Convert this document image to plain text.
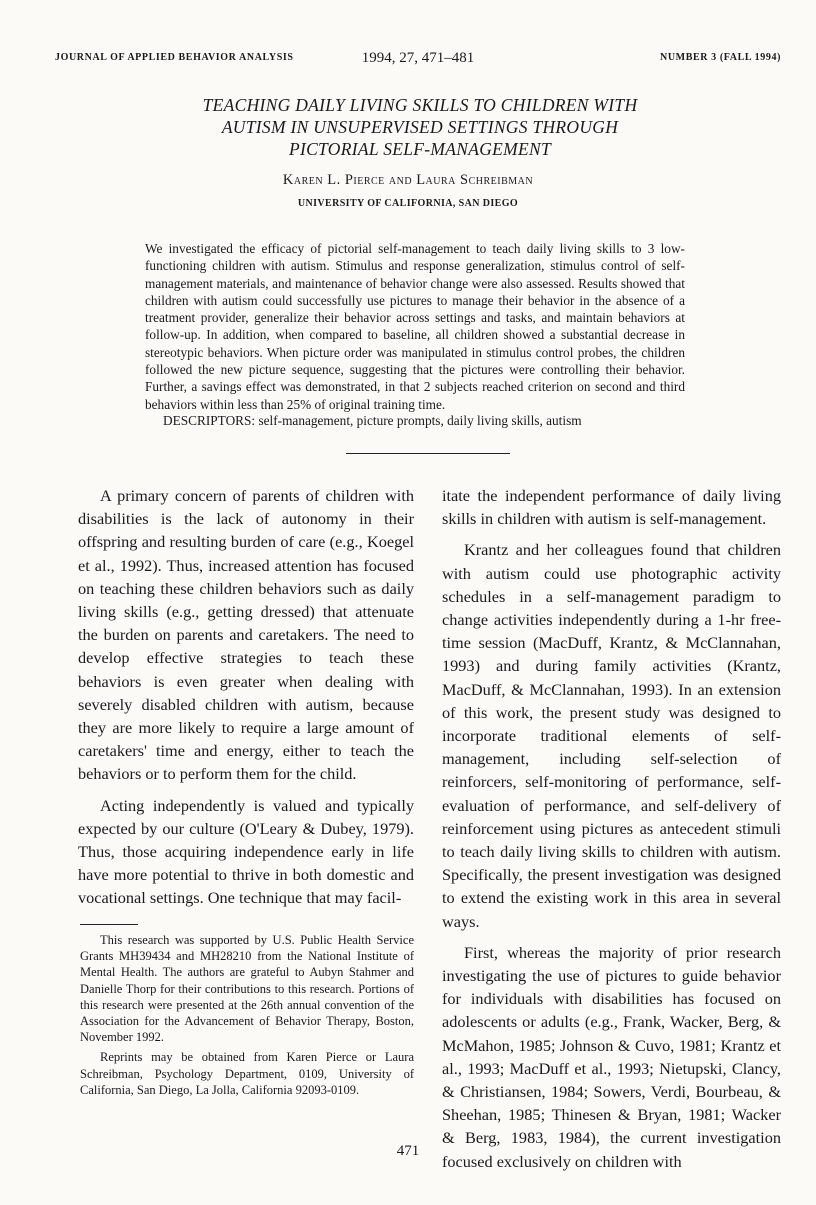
JOURNAL OF APPLIED BEHAVIOR ANALYSIS	1994, 27, 471–481	NUMBER 3 (FALL 1994)
TEACHING DAILY LIVING SKILLS TO CHILDREN WITH
AUTISM IN UNSUPERVISED SETTINGS THROUGH
PICTORIAL SELF-MANAGEMENT
Karen L. Pierce and Laura Schreibman
UNIVERSITY OF CALIFORNIA, SAN DIEGO

We investigated the efficacy of pictorial self-management to teach daily living skills to 3 low-functioning children with autism. Stimulus and response generalization, stimulus control of self-management materials, and maintenance of behavior change were also assessed. Results showed that children with autism could successfully use pictures to manage their behavior in the absence of a treatment provider, generalize their behavior across settings and tasks, and maintain behaviors at follow-up. In addition, when compared to baseline, all children showed a substantial decrease in stereotypic behaviors. When picture order was manipulated in stimulus control probes, the children followed the new picture sequence, suggesting that the pictures were controlling their behavior. Further, a savings effect was demonstrated, in that 2 subjects reached criterion on second and third behaviors within less than 25% of original training time.

DESCRIPTORS: self-management, picture prompts, daily living skills, autism

A primary concern of parents of children with disabilities is the lack of autonomy in their offspring and resulting burden of care (e.g., Koegel et al., 1992). Thus, increased attention has focused on teaching these children behaviors such as daily living skills (e.g., getting dressed) that attenuate the burden on parents and caretakers. The need to develop effective strategies to teach these behaviors is even greater when dealing with severely disabled children with autism, because they are more likely to require a large amount of caretakers' time and energy, either to teach the behaviors or to perform them for the child.

Acting independently is valued and typically expected by our culture (O'Leary & Dubey, 1979). Thus, those acquiring independence early in life have more potential to thrive in both domestic and vocational settings. One technique that may facil-

itate the independent performance of daily living skills in children with autism is self-management.

Krantz and her colleagues found that children with autism could use photographic activity schedules in a self-management paradigm to change activities independently during a 1-hr free-time session (MacDuff, Krantz, & McClannahan, 1993) and during family activities (Krantz, MacDuff, & McClannahan, 1993). In an extension of this work, the present study was designed to incorporate traditional elements of self-management, including self-selection of reinforcers, self-monitoring of performance, self-evaluation of performance, and self-delivery of reinforcement using pictures as antecedent stimuli to teach daily living skills to children with autism. Specifically, the present investigation was designed to extend the existing work in this area in several ways.

First, whereas the majority of prior research investigating the use of pictures to guide behavior for individuals with disabilities has focused on adolescents or adults (e.g., Frank, Wacker, Berg, & McMahon, 1985; Johnson & Cuvo, 1981; Krantz et al., 1993; MacDuff et al., 1993; Nietupski, Clancy, & Christiansen, 1984; Sowers, Verdi, Bourbeau, & Sheehan, 1985; Thinesen & Bryan, 1981; Wacker & Berg, 1983, 1984), the current investigation focused exclusively on children with

This research was supported by U.S. Public Health Service Grants MH39434 and MH28210 from the National Institute of Mental Health. The authors are grateful to Aubyn Stahmer and Danielle Thorp for their contributions to this research. Portions of this research were presented at the 26th annual convention of the Association for the Advancement of Behavior Therapy, Boston, November 1992.

Reprints may be obtained from Karen Pierce or Laura Schreibman, Psychology Department, 0109, University of California, San Diego, La Jolla, California 92093-0109.

471
